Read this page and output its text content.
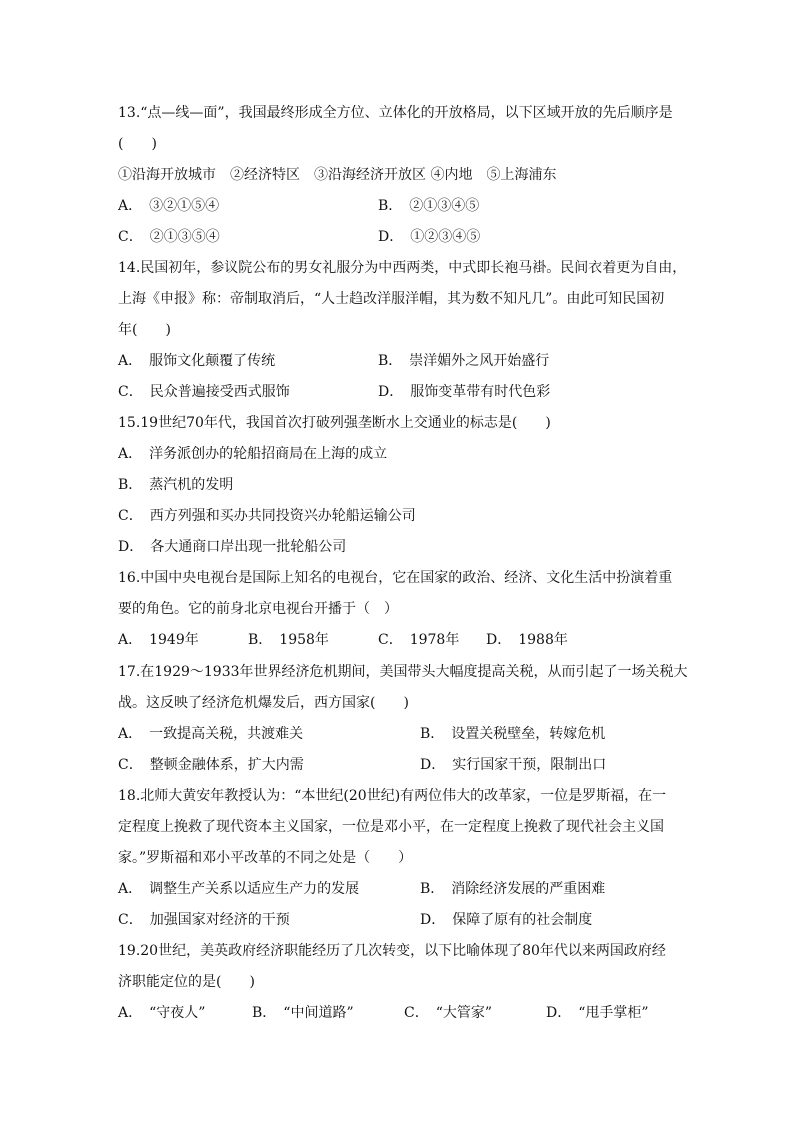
13.“点—线—面”，我国最终形成全方位、立体化的开放格局，以下区域开放的先后顺序是
(　　)
①沿海开放城市　②经济特区　③沿海经济开放区 ④内地　⑤上海浦东
A．　③②①⑤④	B．　②①③④⑤
C．　②①③⑤④	D．　①②③④⑤
14.民国初年，参议院公布的男女礼服分为中西两类，中式即长袍马褂。民间衣着更为自由，
上海《申报》称：帝制取消后，“人士趋改洋服洋帽，其为数不知凡几”。由此可知民国初
年(　　)
A．　服饰文化颠覆了传统	B．　崇洋媚外之风开始盛行
C．　民众普遍接受西式服饰	D．　服饰变革带有时代色彩
15.19世纪70年代，我国首次打破列强垄断水上交通业的标志是(　　)
A．　洋务派创办的轮船招商局在上海的成立
B．　蒸汽机的发明
C．　西方列强和买办共同投资兴办轮船运输公司
D．　各大通商口岸出现一批轮船公司
16.中国中央电视台是国际上知名的电视台，它在国家的政治、经济、文化生活中扮演着重
要的角色。它的前身北京电视台开播于（　）
A．　1949年	B．　1958年	C．　1978年 D．　1988年
17.在1929～1933年世界经济危机期间，美国带头大幅度提高关税，从而引起了一场关税大
战。这反映了经济危机爆发后，西方国家(　　)
A．　一致提高关税，共渡难关	B．　设置关税壁垒，转嫁危机
C．　整顿金融体系，扩大内需	D．　实行国家干预，限制出口
18.北师大黄安年教授认为：“本世纪(20世纪)有两位伟大的改革家，一位是罗斯福，在一
定程度上挽救了现代资本主义国家，一位是邓小平，在一定程度上挽救了现代社会主义国
家。”罗斯福和邓小平改革的不同之处是（　　）
A．　调整生产关系以适应生产力的发展	B．　消除经济发展的严重困难
C．　加强国家对经济的干预	D．　保障了原有的社会制度
19.20世纪，美英政府经济职能经历了几次转变，以下比喻体现了80年代以来两国政府经
济职能定位的是(　　)
A．　“守夜人”	B．　“中间道路”	C．　“大管家”	D．　“甩手掌柜”
